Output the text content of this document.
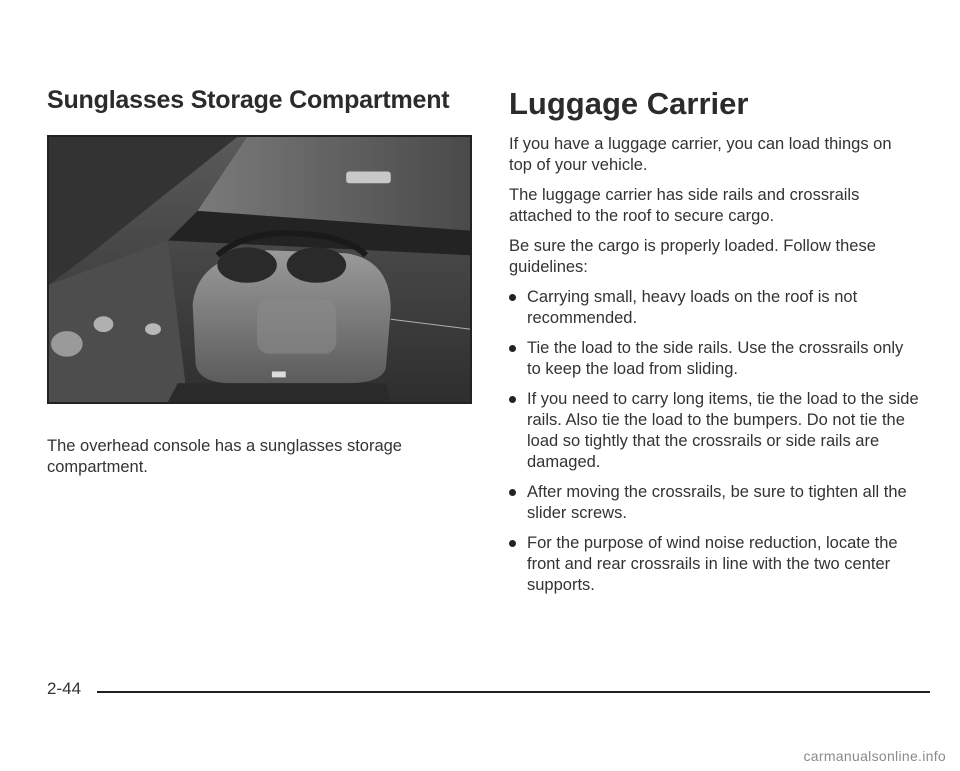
Sunglasses Storage Compartment

The overhead console has a sunglasses storage compartment.

Luggage Carrier

If you have a luggage carrier, you can load things on top of your vehicle.

The luggage carrier has side rails and crossrails attached to the roof to secure cargo.

Be sure the cargo is properly loaded. Follow these guidelines:

Carrying small, heavy loads on the roof is not recommended.
Tie the load to the side rails. Use the crossrails only to keep the load from sliding.
If you need to carry long items, tie the load to the side rails. Also tie the load to the bumpers. Do not tie the load so tightly that the crossrails or side rails are damaged.
After moving the crossrails, be sure to tighten all the slider screws.
For the purpose of wind noise reduction, locate the front and rear crossrails in line with the two center supports.

2-44

carmanualsonline.info
